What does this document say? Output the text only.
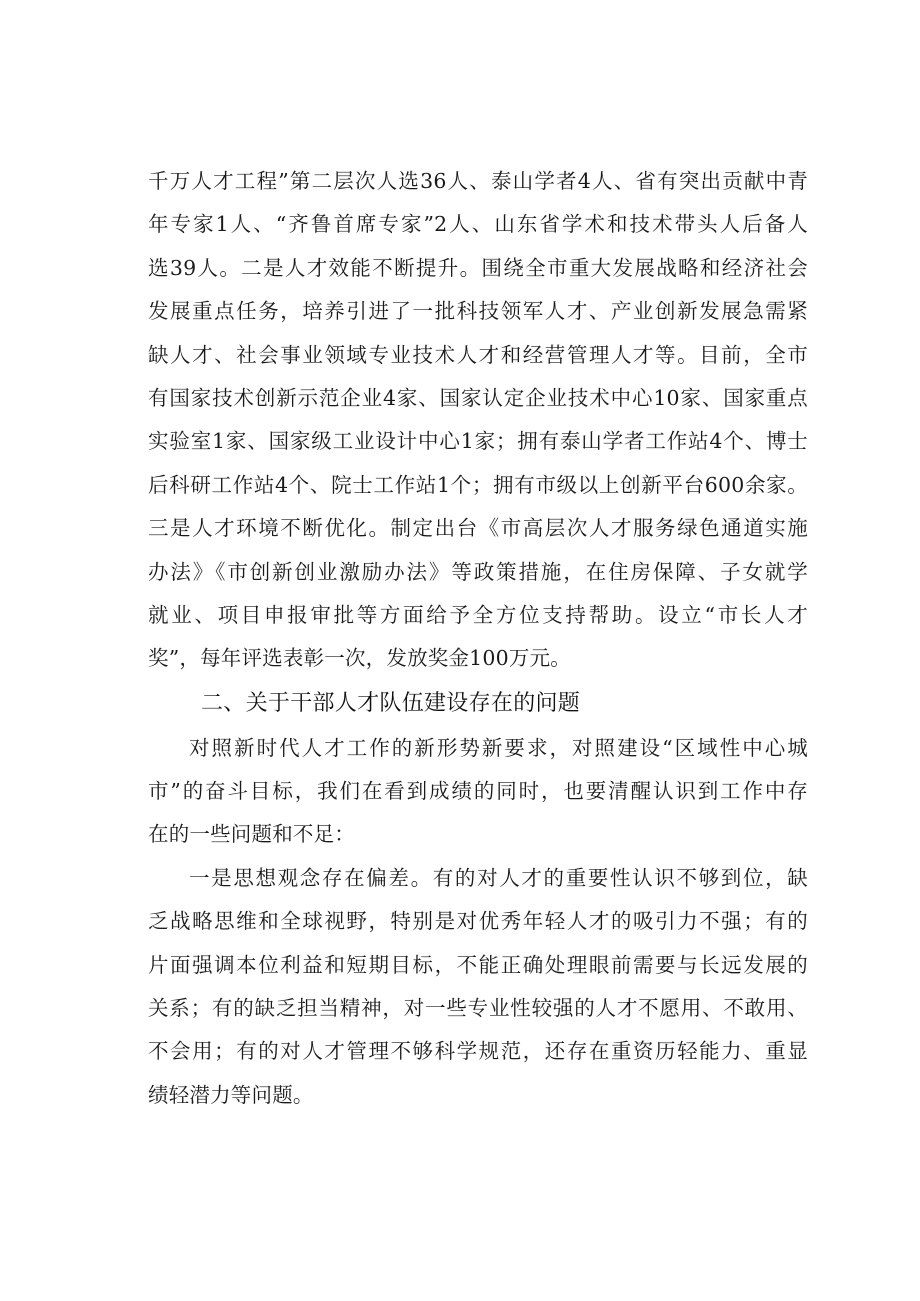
千万人才工程”第二层次人选36人、泰山学者4人、省有突出贡献中青
年专家1人、“齐鲁首席专家”2人、山东省学术和技术带头人后备人
选39人。二是人才效能不断提升。围绕全市重大发展战略和经济社会
发展重点任务，培养引进了一批科技领军人才、产业创新发展急需紧
缺人才、社会事业领域专业技术人才和经营管理人才等。目前，全市
有国家技术创新示范企业4家、国家认定企业技术中心10家、国家重点
实验室1家、国家级工业设计中心1家；拥有泰山学者工作站4个、博士
后科研工作站4个、院士工作站1个；拥有市级以上创新平台600余家。
三是人才环境不断优化。制定出台《市高层次人才服务绿色通道实施
办法》《市创新创业激励办法》等政策措施，在住房保障、子女就学
就业、项目申报审批等方面给予全方位支持帮助。设立“市长人才
奖”，每年评选表彰一次，发放奖金100万元。
二、关于干部人才队伍建设存在的问题
对照新时代人才工作的新形势新要求，对照建设“区域性中心城
市”的奋斗目标，我们在看到成绩的同时，也要清醒认识到工作中存
在的一些问题和不足：
一是思想观念存在偏差。有的对人才的重要性认识不够到位，缺
乏战略思维和全球视野，特别是对优秀年轻人才的吸引力不强；有的
片面强调本位利益和短期目标，不能正确处理眼前需要与长远发展的
关系；有的缺乏担当精神，对一些专业性较强的人才不愿用、不敢用、
不会用；有的对人才管理不够科学规范，还存在重资历轻能力、重显
绩轻潜力等问题。
